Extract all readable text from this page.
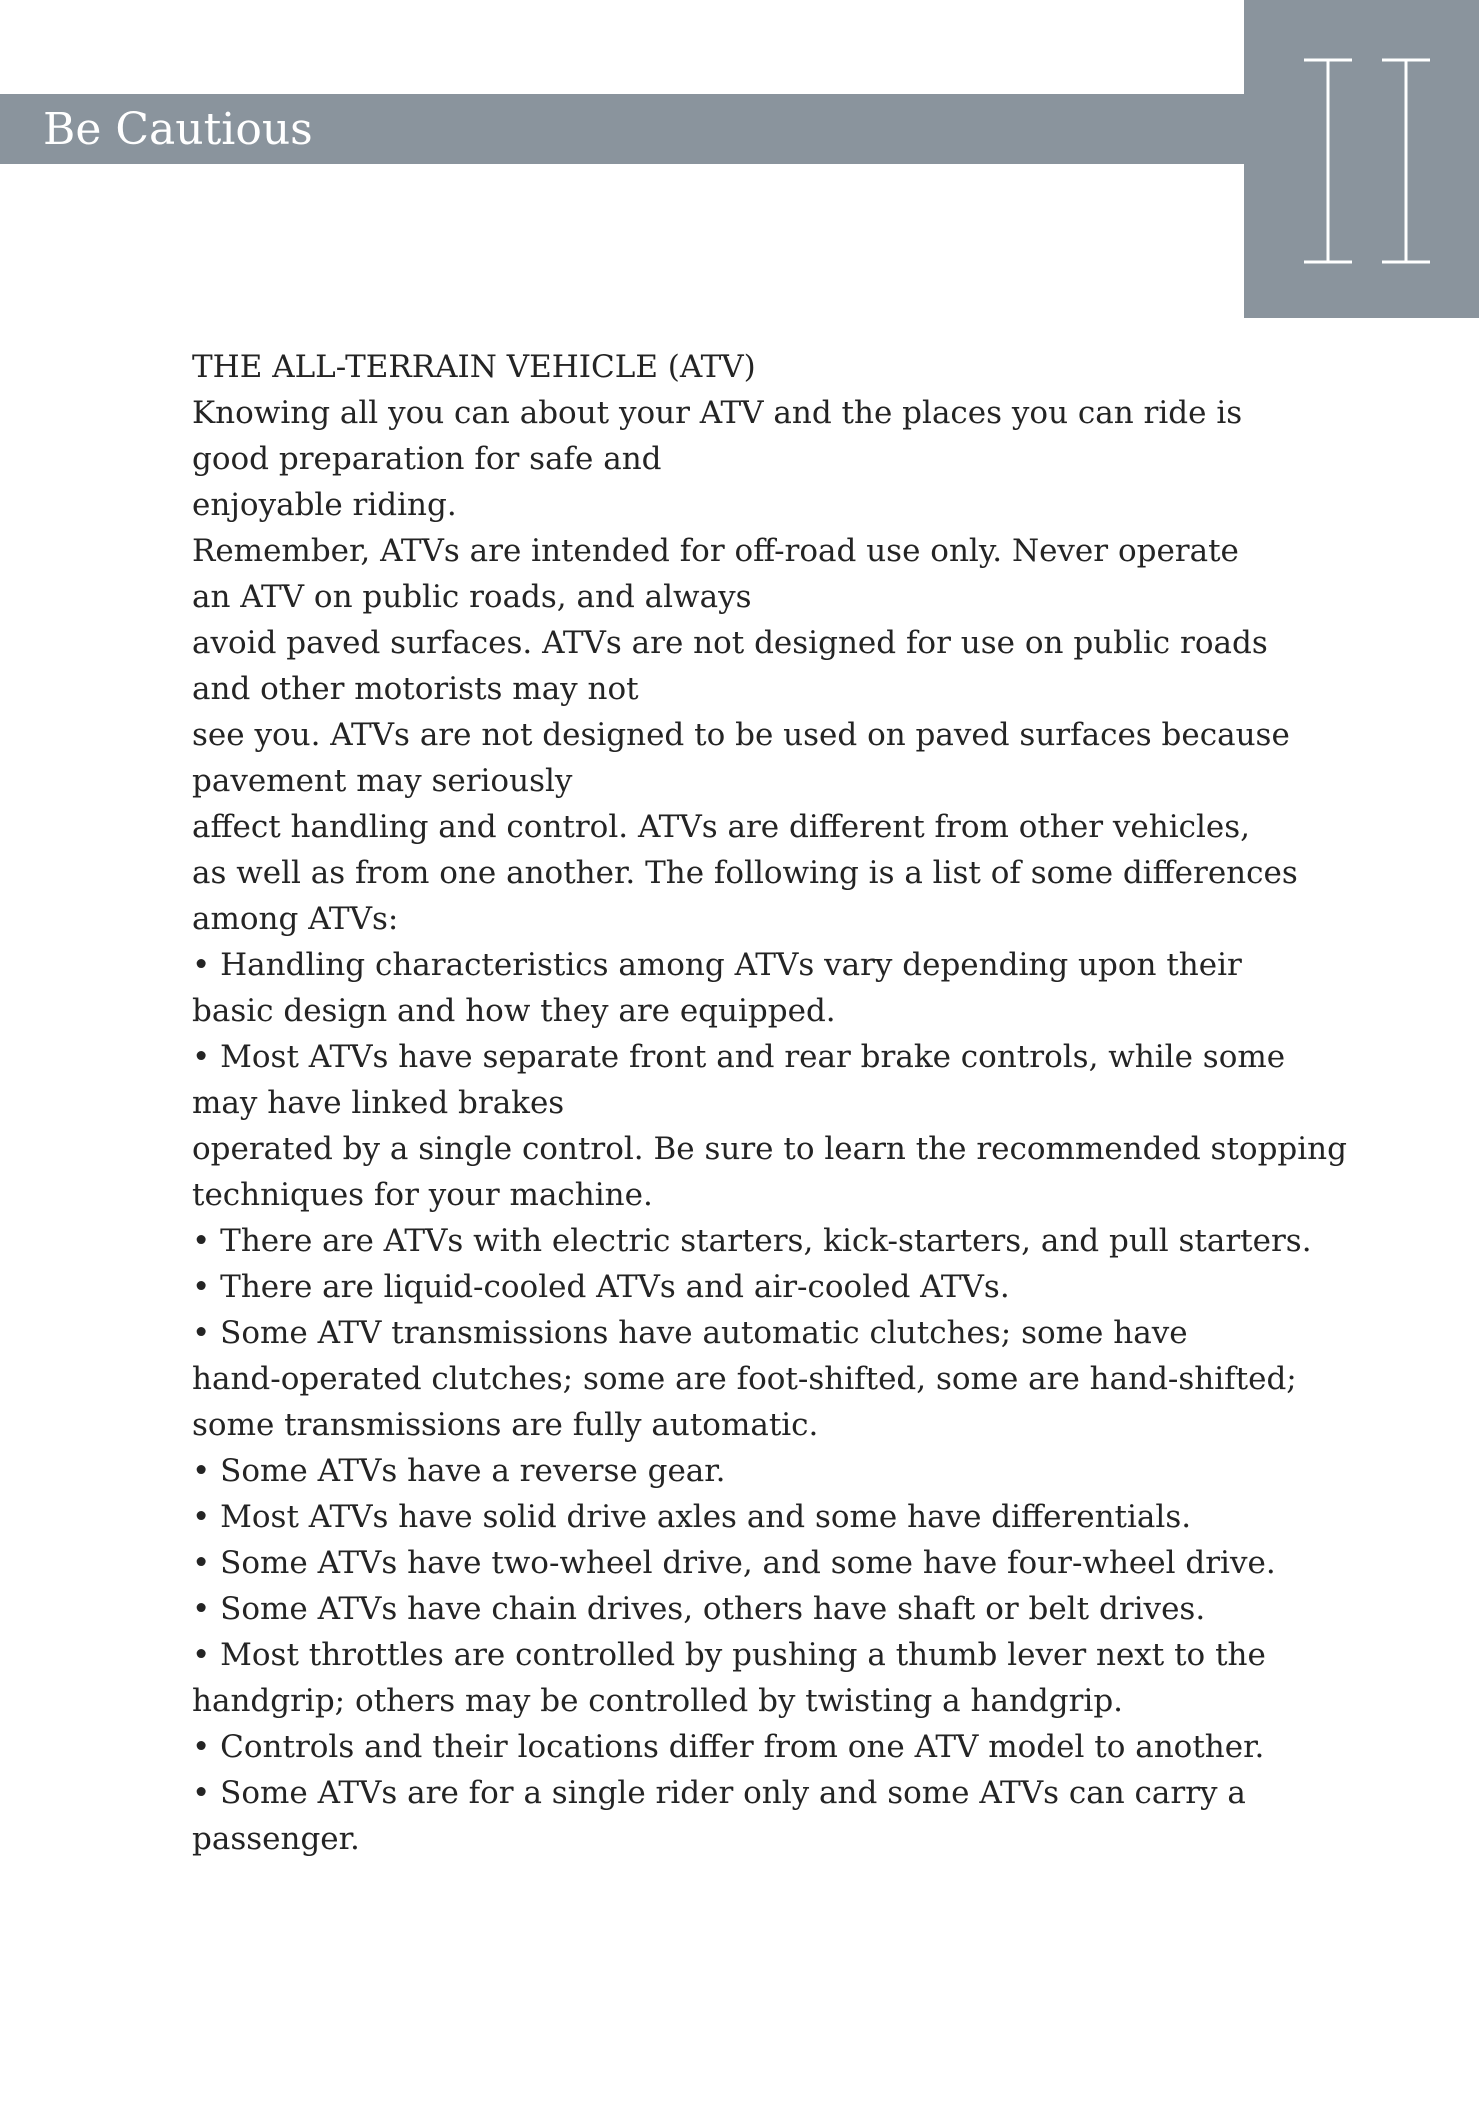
Be Cautious
THE ALL-TERRAIN VEHICLE (ATV)
Knowing all you can about your ATV and the places you can ride is
good preparation for safe and
enjoyable riding.
Remember, ATVs are intended for off-road use only. Never operate
an ATV on public roads, and always
avoid paved surfaces. ATVs are not designed for use on public roads
and other motorists may not
see you. ATVs are not designed to be used on paved surfaces because
pavement may seriously
affect handling and control. ATVs are different from other vehicles,
as well as from one another. The following is a list of some differences
among ATVs:
• Handling characteristics among ATVs vary depending upon their
basic design and how they are equipped.
• Most ATVs have separate front and rear brake controls, while some
may have linked brakes
operated by a single control. Be sure to learn the recommended stopping
techniques for your machine.
• There are ATVs with electric starters, kick-starters, and pull starters.
• There are liquid-cooled ATVs and air-cooled ATVs.
• Some ATV transmissions have automatic clutches; some have
hand-operated clutches; some are foot-shifted, some are hand-shifted;
some transmissions are fully automatic.
• Some ATVs have a reverse gear.
• Most ATVs have solid drive axles and some have differentials.
• Some ATVs have two-wheel drive, and some have four-wheel drive.
• Some ATVs have chain drives, others have shaft or belt drives.
• Most throttles are controlled by pushing a thumb lever next to the
handgrip; others may be controlled by twisting a handgrip.
• Controls and their locations differ from one ATV model to another.
• Some ATVs are for a single rider only and some ATVs can carry a
passenger.
